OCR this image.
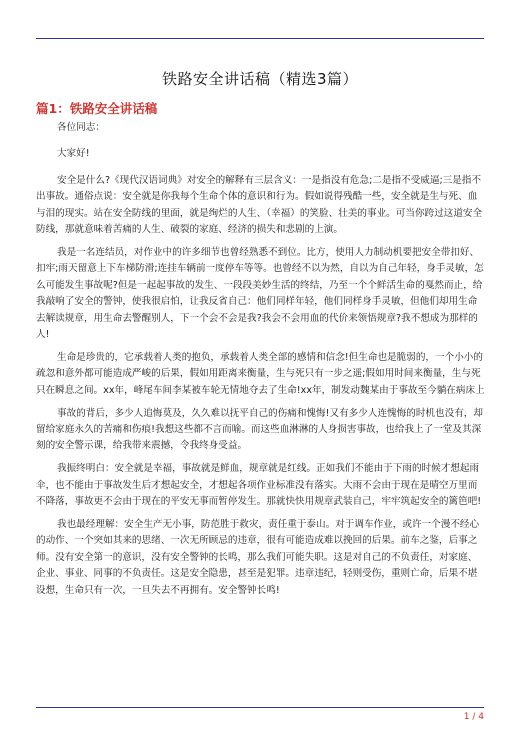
铁路安全讲话稿（精选3篇）
篇1：铁路安全讲话稿

各位同志：

大家好!

安全是什么?《现代汉语词典》对安全的解释有三层含义：一是指没有危急;二是指不受威逼;三是指不出事故。通俗点说：安全就是你我每个生命个体的意识和行为。假如说得残酷一些，安全就是生与死、血与泪的现实。站在安全防线的里面，就是绚烂的人生、（幸福）的笑脸、壮美的事业。可当你跨过这道安全防线，那就意味着苦痛的人生、破裂的家庭、经济的损失和悲剧的上演。

我是一名连结员，对作业中的许多细节也曾经熟悉不到位。比方，使用人力制动机要把安全带扣好、扣牢;雨天留意上下车梯防滑;连挂车辆前一度停车等等。也曾经不以为然，自以为自己年轻，身手灵敏，怎么可能发生事故呢?但是一起起事故的发生、一段段美妙生活的终结，乃至一个个鲜活生命的戛然而止，给我敲响了安全的警钟，使我很启怕，让我反省自己：他们同样年轻，他们同样身手灵敏，但他们却用生命去解读规章，用生命去警醒别人，下一个会不会是我?我会不会用血的代价来领悟规章?我不想成为那样的人!

生命是珍贵的，它承载着人类的抱负，承载着人类全部的感情和信念!但生命也是脆弱的，一个小小的疏忽和意外都可能造成严峻的后果，假如用距离来衡量，生与死只有一步之遥;假如用时间来衡量，生与死只在瞬息之间。xx年，峰尾车间李某被车轮无情地夺去了生命!xx年，制发动魏某由于事故至今躺在病床上

事故的背后，多少人追悔莫及，久久难以抚平自己的伤痛和愧悔!又有多少人连愧悔的时机也没有，却留给家庭永久的苦痛和伤痕!我想这些都不言而喻。而这些血淋淋的人身损害事故，也给我上了一堂及其深刻的安全警示课，给我带来震撼，令我终身受益。

我振终明白：安全就是幸福，事故就是鲜血，规章就是红线。正如我们不能由于下雨的时候才想起雨伞，也不能由于事故发生后才想起安全，才想起各项作业标准没有落实。大雨不会由于现在是晴空万里而不降落，事故更不会由于现在的平安无事而暂停发生。那就快快用规章武装自己，牢牢筑起安全的篱笆吧!

我也最经理解：安全生产无小事，防范胜于救灾，责任重于泰山。对于调车作业，或许一个漫不经心的动作、一个突如其来的思绪、一次无所顾忌的违章，很有可能造成难以挽回的后果。前车之鉴，后事之师。没有安全第一的意识，没有安全警钟的长鸣，那么我们可能失职。这是对自己的不负责任，对家庭、企业、事业、同事的不负责任。这是安全隐患，甚至是犯罪。违章违纪，轻则受伤，重则亡命，后果不堪设想，生命只有一次，一旦失去不再拥有。安全警钟长鸣!

1 / 4
